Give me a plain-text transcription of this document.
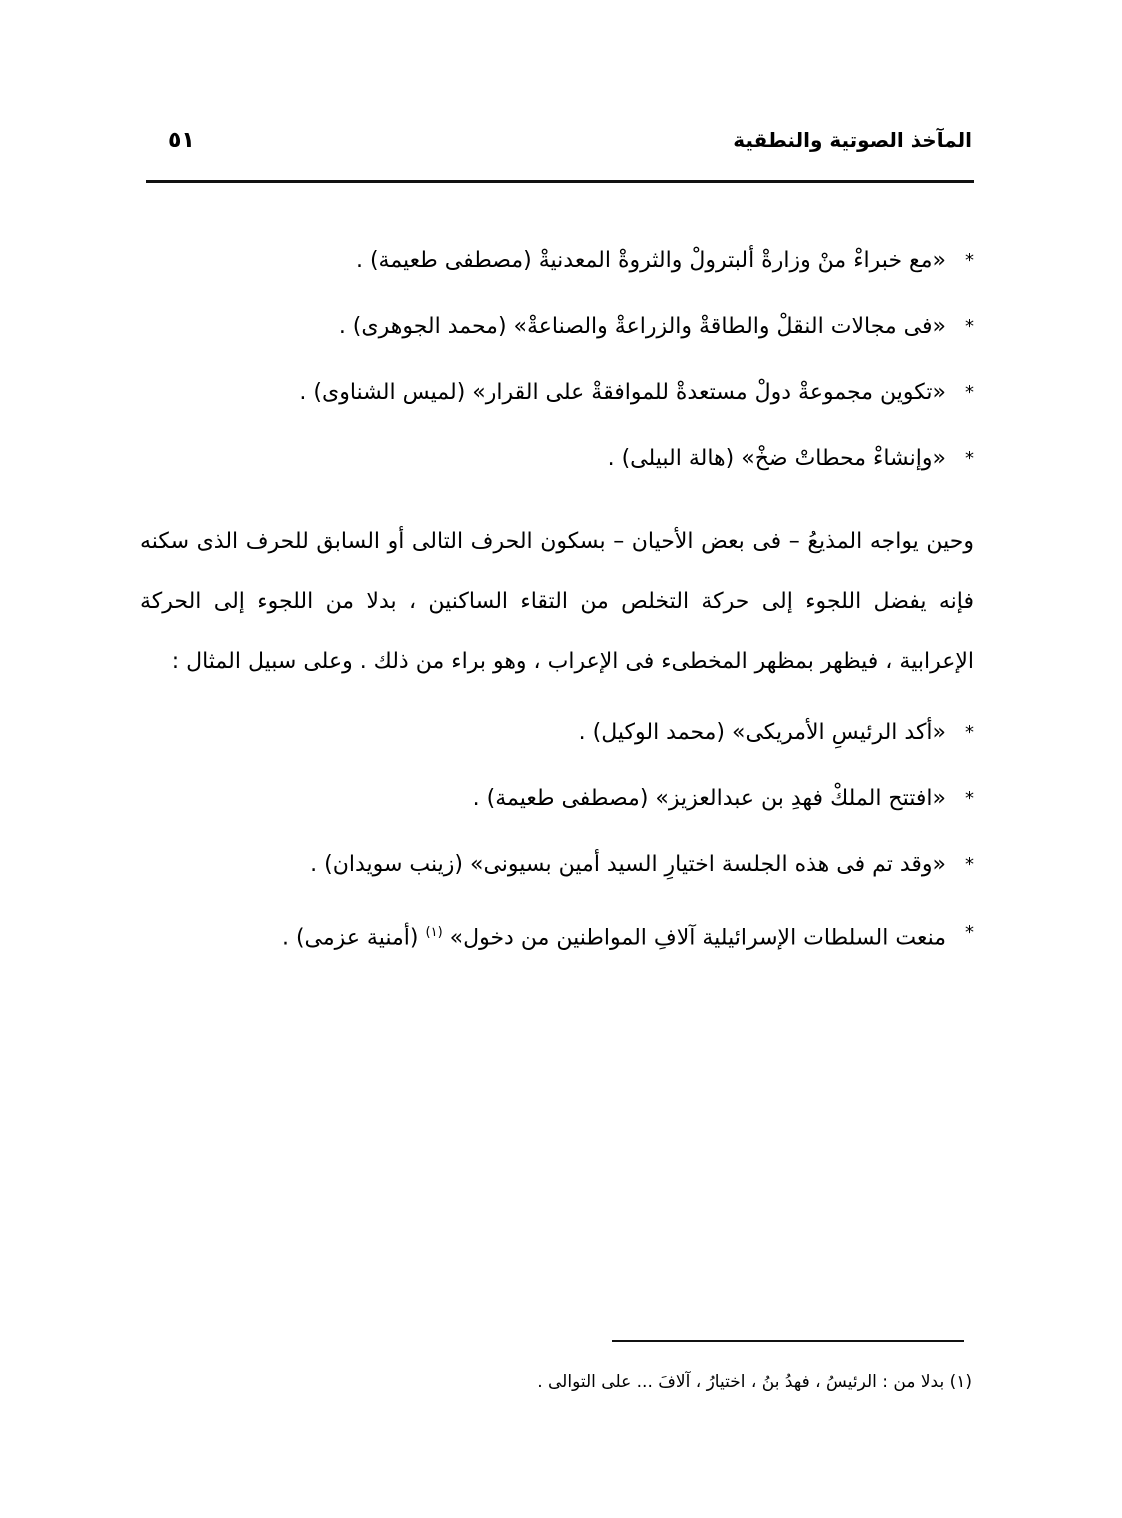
المآخذ الصوتية والنطقية
٥١
*
«مع خبراءْ منْ وزارةْ ألبترولْ والثروةْ المعدنيةْ (مصطفى طعيمة) .
*
«فى مجالات النقلْ والطاقةْ والزراعةْ والصناعةْ» (محمد الجوهرى) .
*
«تكوين مجموعةْ دولْ مستعدةْ للموافقةْ على القرار» (لميس الشناوى) .
*
«وإنشاءْ محطاتْ ضخْ» (هالة البيلى) .
وحين يواجه المذيعُ – فى بعض الأحيان – بسكون الحرف التالى أو السابق للحرف الذى سكنه فإنه يفضل اللجوء إلى حركة التخلص من التقاء الساكنين ، بدلا من اللجوء إلى الحركة الإعرابية ، فيظهر بمظهر المخطىء فى الإعراب ، وهو براء من ذلك . وعلى سبيل المثال :
*
«أكد الرئيسِ الأمريكى» (محمد الوكيل) .
*
«افتتح الملكْ فهدِ بن عبدالعزيز» (مصطفى طعيمة) .
*
«وقد تم فى هذه الجلسة اختيارِ السيد أمين بسيونى» (زينب سويدان) .
*
منعت السلطات الإسرائيلية آلافِ المواطنين من دخول» $^{(١)}$ (أمنية عزمى) .
(١) بدلا من : الرئيسُ ، فهدُ بنُ ، اختيارُ ، آلافَ ... على التوالى .
